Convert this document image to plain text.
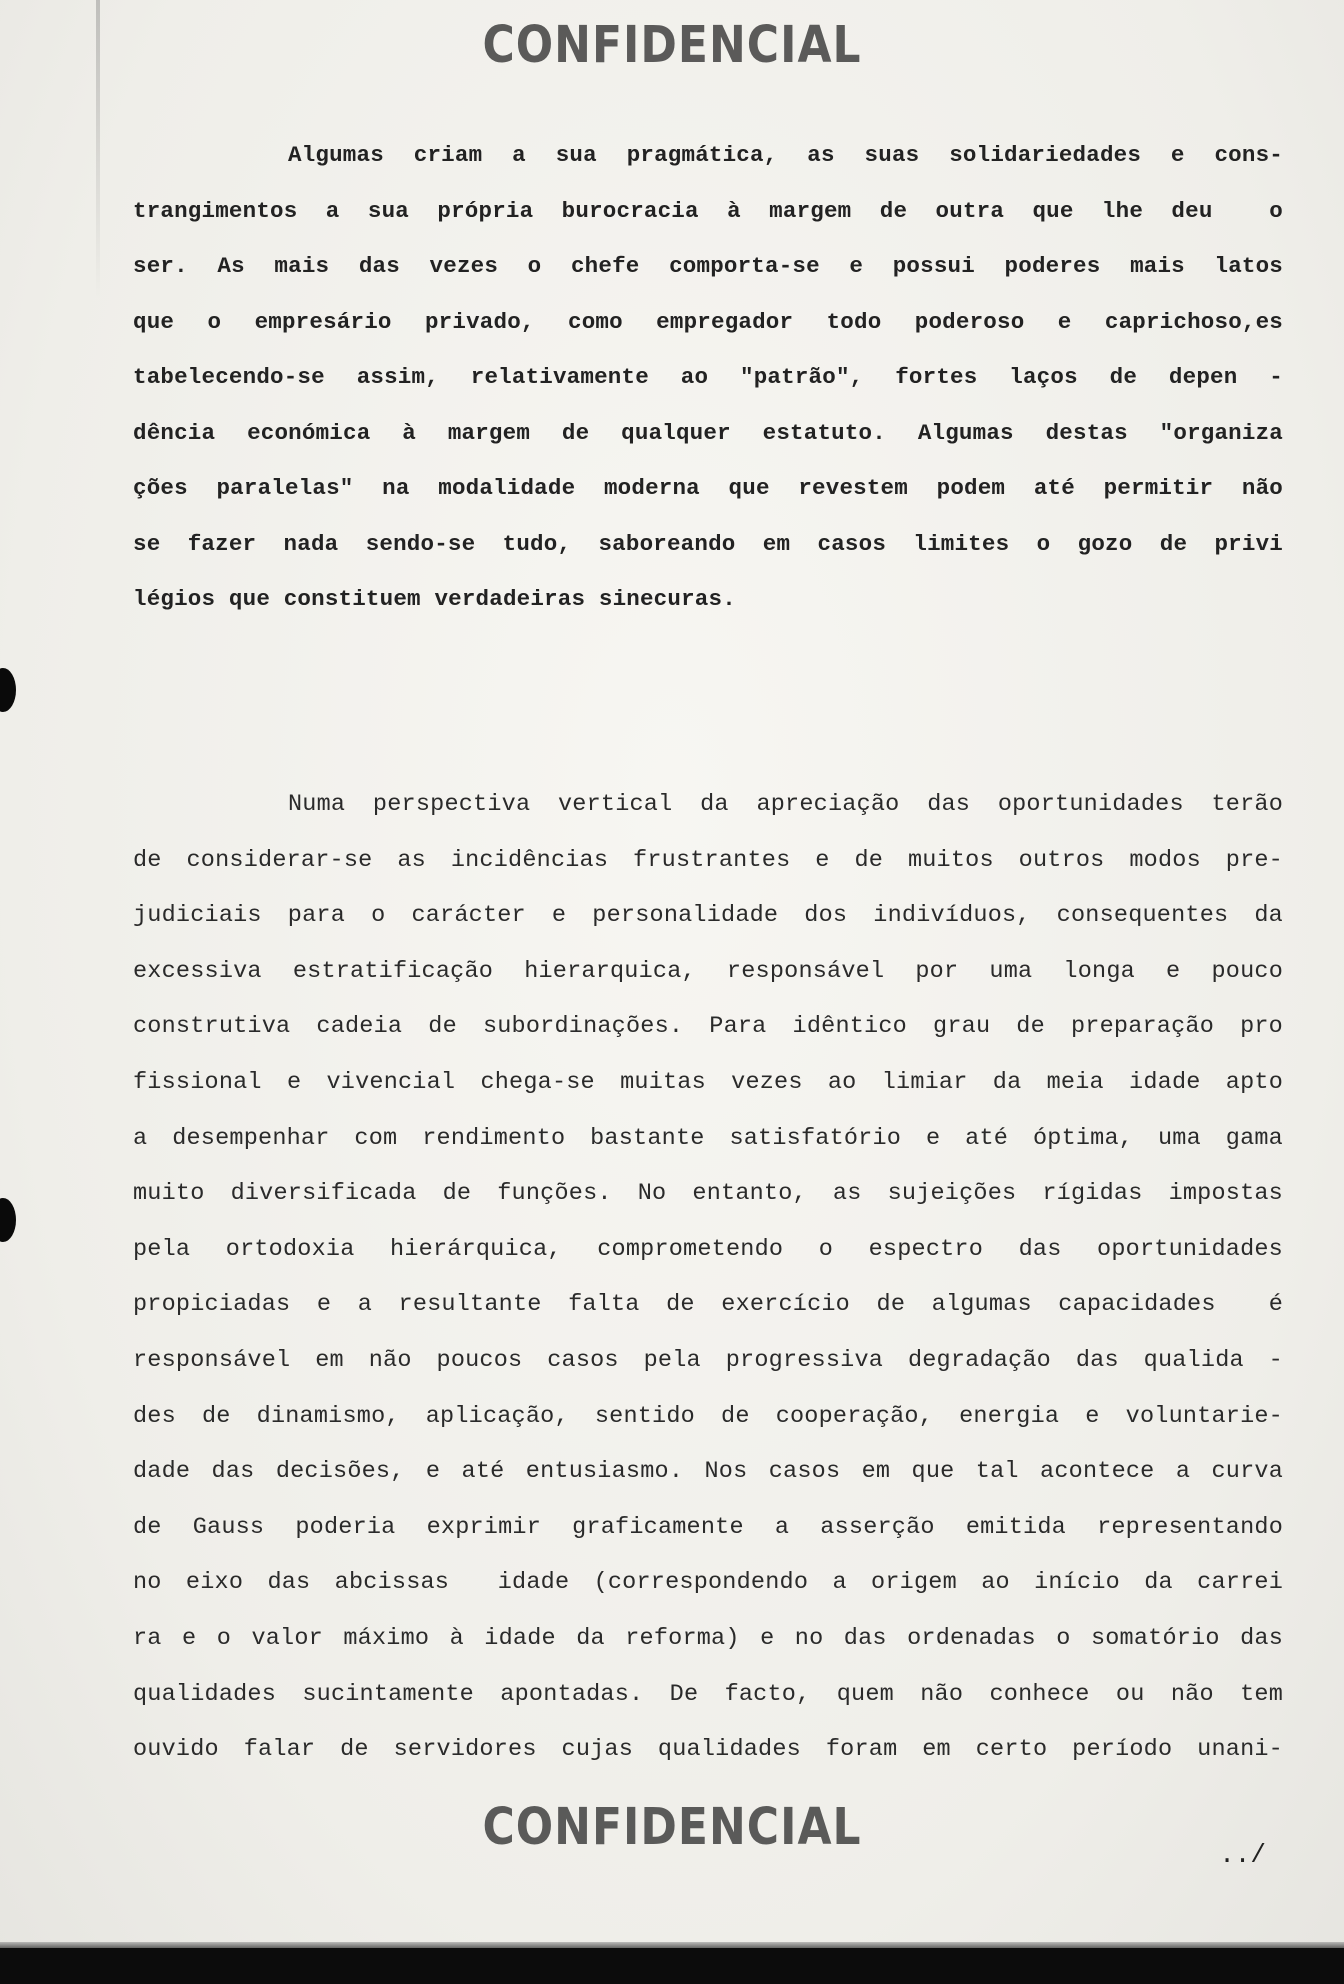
CONFIDENCIAL
Algumas criam a sua pragmática, as suas solidariedades e cons-
trangimentos a sua própria burocracia à margem de outra que lhe deu  o
ser. As mais das vezes o chefe comporta-se e possui poderes mais latos
que o empresário privado, como empregador todo poderoso e caprichoso,es
tabelecendo-se assim, relativamente ao "patrão", fortes laços de depen -
dência económica à margem de qualquer estatuto. Algumas destas "organiza
ções paralelas" na modalidade moderna que revestem podem até permitir não
se fazer nada sendo-se tudo, saboreando em casos limites o gozo de privi
légios que constituem verdadeiras sinecuras.
Numa perspectiva vertical da apreciação das oportunidades terão
de considerar-se as incidências frustrantes e de muitos outros modos pre-
judiciais para o carácter e personalidade dos indivíduos, consequentes da
excessiva estratificação hierarquica, responsável por uma longa e pouco
construtiva cadeia de subordinações. Para idêntico grau de preparação pro
fissional e vivencial chega-se muitas vezes ao limiar da meia idade apto
a desempenhar com rendimento bastante satisfatório e até óptima, uma gama
muito diversificada de funções. No entanto, as sujeições rígidas impostas
pela ortodoxia hierárquica, comprometendo o espectro das oportunidades
propiciadas e a resultante falta de exercício de algumas capacidades  é
responsável em não poucos casos pela progressiva degradação das qualida -
des de dinamismo, aplicação, sentido de cooperação, energia e voluntarie-
dade das decisões, e até entusiasmo. Nos casos em que tal acontece a curva
de Gauss poderia exprimir graficamente a asserção emitida representando
no eixo das abcissas  idade (correspondendo a origem ao início da carrei
ra e o valor máximo à idade da reforma) e no das ordenadas o somatório das
qualidades sucintamente apontadas. De facto, quem não conhece ou não tem
ouvido falar de servidores cujas qualidades foram em certo período unani-
CONFIDENCIAL	../
